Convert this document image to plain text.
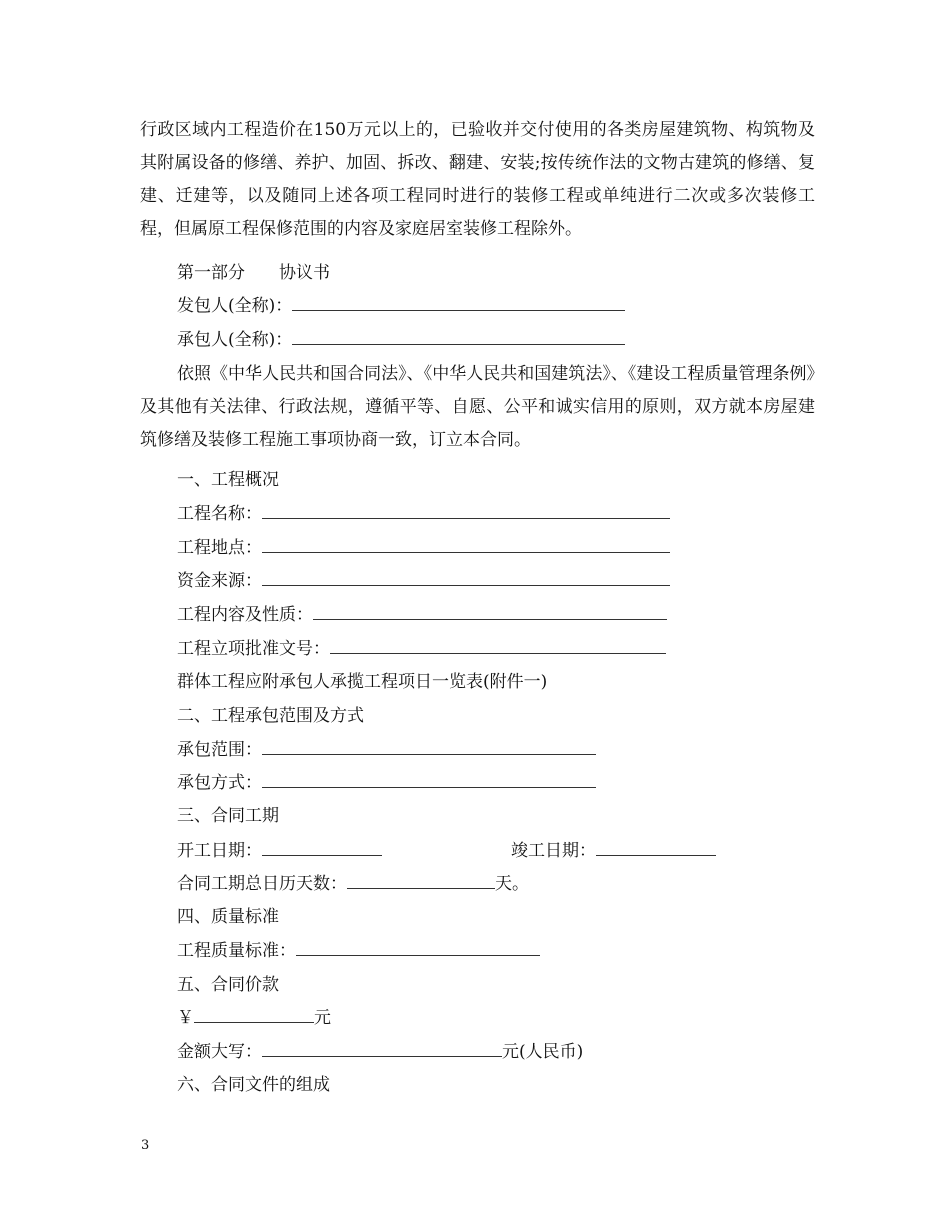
行政区域内工程造价在150万元以上的，已验收并交付使用的各类房屋建筑物、构筑物及其附属设备的修缮、养护、加固、拆改、翻建、安装;按传统作法的文物古建筑的修缮、复建、迁建等，以及随同上述各项工程同时进行的装修工程或单纯进行二次或多次装修工程，但属原工程保修范围的内容及家庭居室装修工程除外。

第一部分　　协议书

发包人(全称)：

承包人(全称)：

依照《中华人民共和国合同法》、《中华人民共和国建筑法》、《建设工程质量管理条例》及其他有关法律、行政法规，遵循平等、自愿、公平和诚实信用的原则，双方就本房屋建筑修缮及装修工程施工事项协商一致，订立本合同。

一、工程概况

工程名称：

工程地点：

资金来源：

工程内容及性质：

工程立项批准文号：

群体工程应附承包人承揽工程项日一览表(附件一)

二、工程承包范围及方式

承包范围：

承包方式：

三、合同工期

开工日期：	竣工日期：

合同工期总日历天数：	天。

四、质量标准

工程质量标准：

五、合同价款

￥	元

金额大写：	元(人民币)

六、合同文件的组成

3
